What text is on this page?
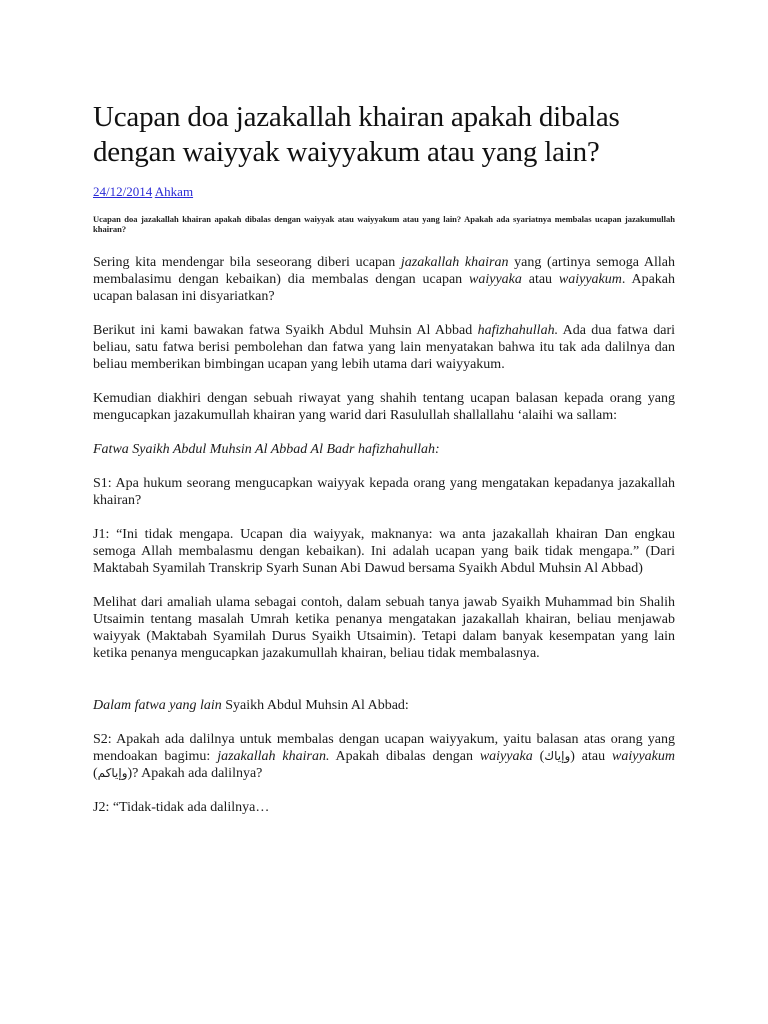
Ucapan doa jazakallah khairan apakah dibalas dengan waiyyak waiyyakum atau yang lain?
24/12/2014 Ahkam
Ucapan doa jazakallah khairan apakah dibalas dengan waiyyak atau waiyyakum atau yang lain? Apakah ada syariatnya membalas ucapan jazakumullah khairan?

Sering kita mendengar bila seseorang diberi ucapan jazakallah khairan yang (artinya semoga Allah membalasimu dengan kebaikan) dia membalas dengan ucapan waiyyaka atau waiyyakum. Apakah ucapan balasan ini disyariatkan?

Berikut ini kami bawakan fatwa Syaikh Abdul Muhsin Al Abbad hafizhahullah. Ada dua fatwa dari beliau, satu fatwa berisi pembolehan dan fatwa yang lain menyatakan bahwa itu tak ada dalilnya dan beliau memberikan bimbingan ucapan yang lebih utama dari waiyyakum.

Kemudian diakhiri dengan sebuah riwayat yang shahih tentang ucapan balasan kepada orang yang mengucapkan jazakumullah khairan yang warid dari Rasulullah shallallahu ‘alaihi wa sallam:

Fatwa Syaikh Abdul Muhsin Al Abbad Al Badr hafizhahullah:

S1: Apa hukum seorang mengucapkan waiyyak kepada orang yang mengatakan kepadanya jazakallah khairan?

J1: “Ini tidak mengapa. Ucapan dia waiyyak, maknanya: wa anta jazakallah khairan Dan engkau semoga Allah membalasmu dengan kebaikan). Ini adalah ucapan yang baik tidak mengapa.” (Dari Maktabah Syamilah Transkrip Syarh Sunan Abi Dawud bersama Syaikh Abdul Muhsin Al Abbad)

Melihat dari amaliah ulama sebagai contoh, dalam sebuah tanya jawab Syaikh Muhammad bin Shalih Utsaimin tentang masalah Umrah ketika penanya mengatakan jazakallah khairan, beliau menjawab waiyyak (Maktabah Syamilah Durus Syaikh Utsaimin). Tetapi dalam banyak kesempatan yang lain ketika penanya mengucapkan jazakumullah khairan, beliau tidak membalasnya.

Dalam fatwa yang lain Syaikh Abdul Muhsin Al Abbad:

S2: Apakah ada dalilnya untuk membalas dengan ucapan waiyyakum, yaitu balasan atas orang yang mendoakan bagimu: jazakallah khairan. Apakah dibalas dengan waiyyaka (وإياك) atau waiyyakum (وإياكم)? Apakah ada dalilnya?

J2: “Tidak-tidak ada dalilnya…
